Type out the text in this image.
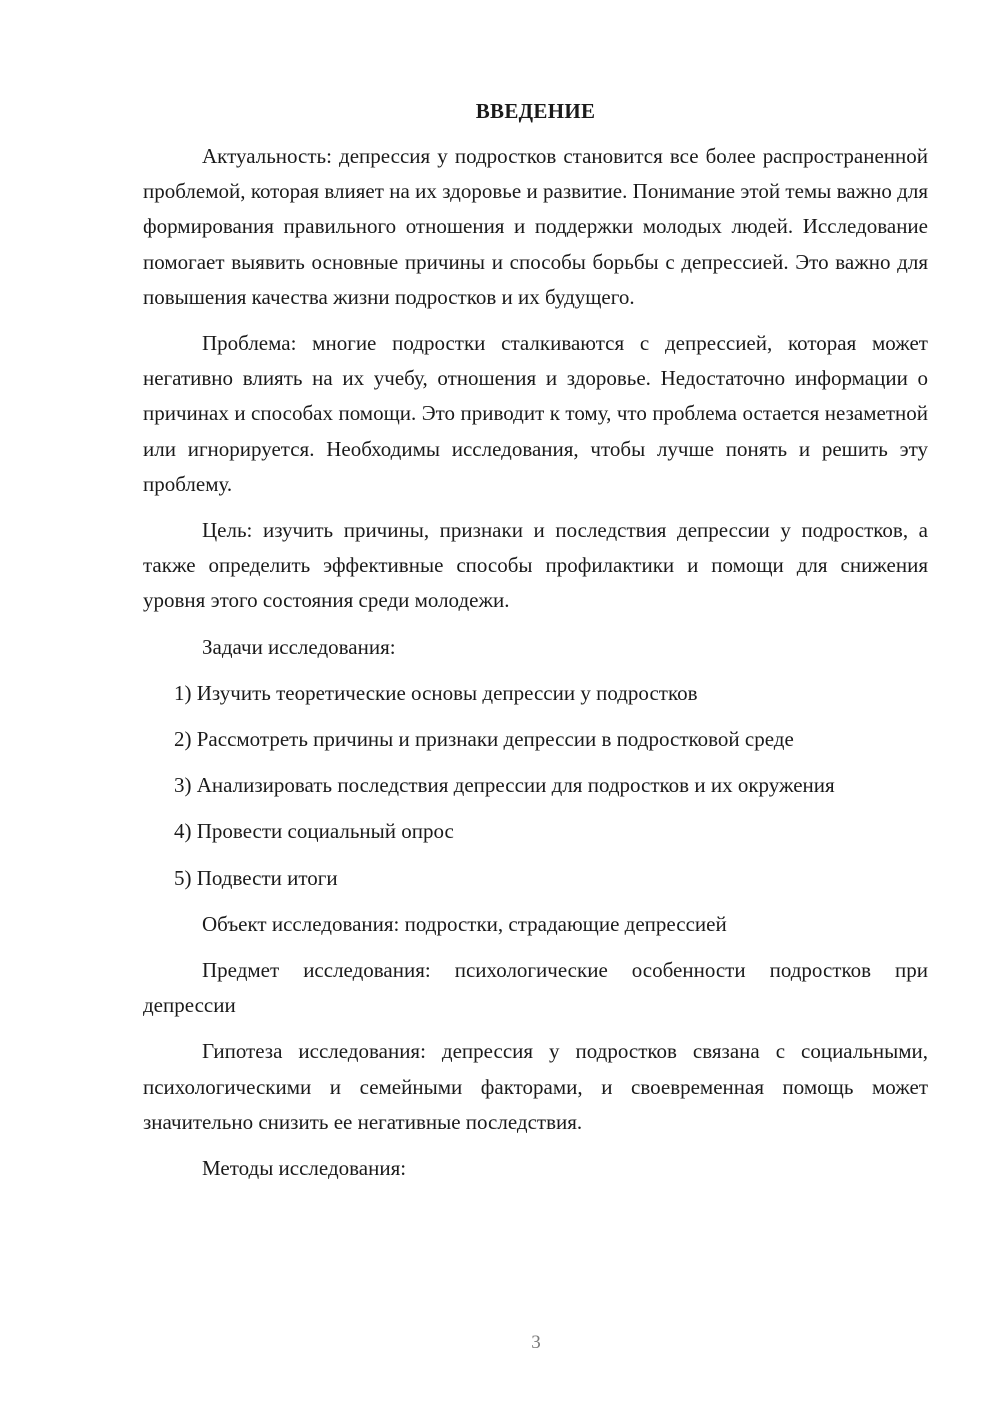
ВВЕДЕНИЕ
Актуальность: депрессия у подростков становится все более распространенной проблемой, которая влияет на их здоровье и развитие. Понимание этой темы важно для формирования правильного отношения и поддержки молодых людей. Исследование помогает выявить основные причины и способы борьбы с депрессией. Это важно для повышения качества жизни подростков и их будущего.
Проблема: многие подростки сталкиваются с депрессией, которая может негативно влиять на их учебу, отношения и здоровье. Недостаточно информации о причинах и способах помощи. Это приводит к тому, что проблема остается незаметной или игнорируется. Необходимы исследования, чтобы лучше понять и решить эту проблему.
Цель: изучить причины, признаки и последствия депрессии у подростков, а также определить эффективные способы профилактики и помощи для снижения уровня этого состояния среди молодежи.
Задачи исследования:
1) Изучить теоретические основы депрессии у подростков
2) Рассмотреть причины и признаки депрессии в подростковой среде
3) Анализировать последствия депрессии для подростков и их окружения
4) Провести социальный опрос
5) Подвести итоги
Объект исследования: подростки, страдающие депрессией
Предмет исследования: психологические особенности подростков при депрессии
Гипотеза исследования: депрессия у подростков связана с социальными, психологическими и семейными факторами, и своевременная помощь может значительно снизить ее негативные последствия.
Методы исследования:
3
